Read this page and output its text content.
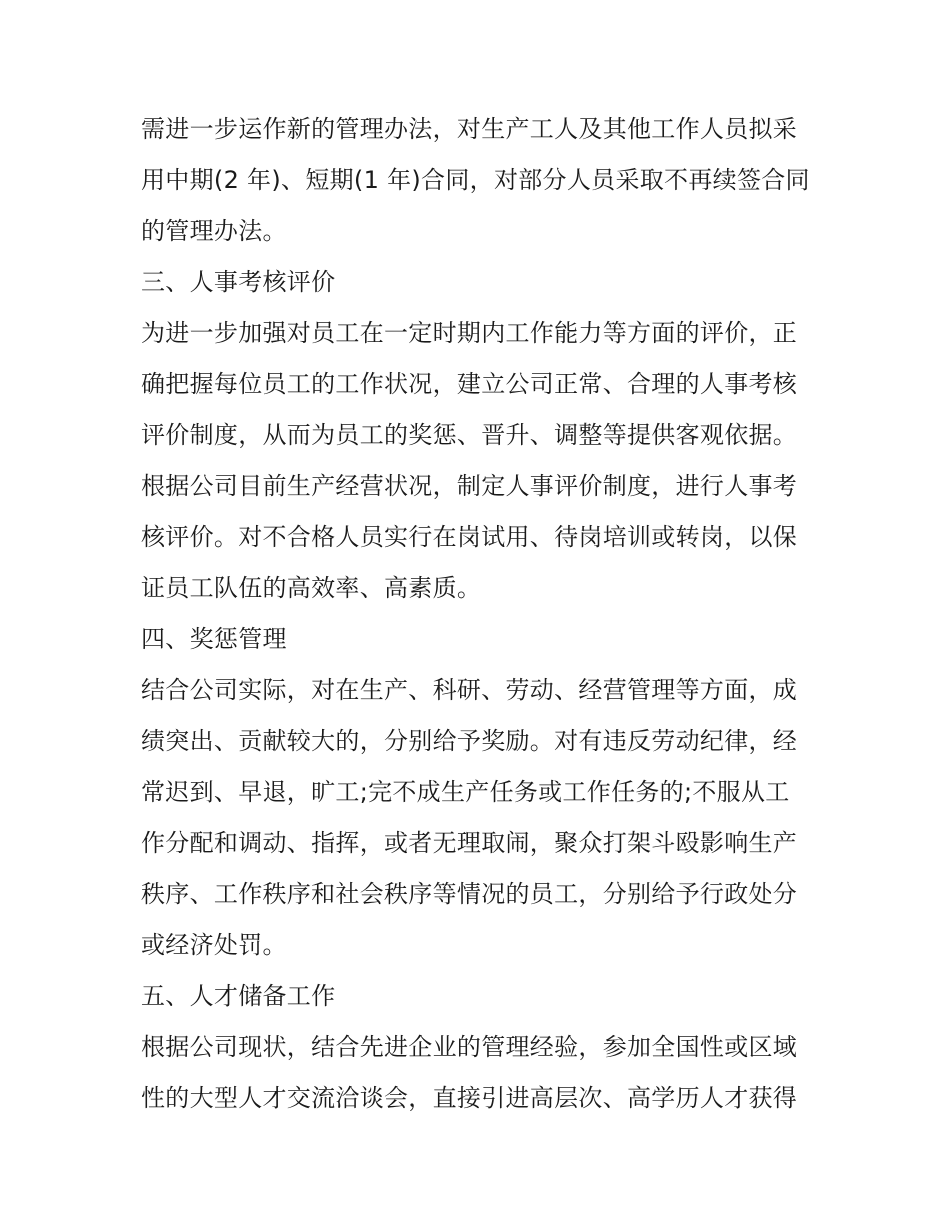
需进一步运作新的管理办法，对生产工人及其他工作人员拟采
用中期(2 年)、短期(1 年)合同，对部分人员采取不再续签合同
的管理办法。
三、人事考核评价
为进一步加强对员工在一定时期内工作能力等方面的评价，正
确把握每位员工的工作状况，建立公司正常、合理的人事考核
评价制度，从而为员工的奖惩、晋升、调整等提供客观依据。
根据公司目前生产经营状况，制定人事评价制度，进行人事考
核评价。对不合格人员实行在岗试用、待岗培训或转岗，以保
证员工队伍的高效率、高素质。
四、奖惩管理
结合公司实际，对在生产、科研、劳动、经营管理等方面，成
绩突出、贡献较大的，分别给予奖励。对有违反劳动纪律，经
常迟到、早退，旷工;完不成生产任务或工作任务的;不服从工
作分配和调动、指挥，或者无理取闹，聚众打架斗殴影响生产
秩序、工作秩序和社会秩序等情况的员工，分别给予行政处分
或经济处罚。
五、人才储备工作
根据公司现状，结合先进企业的管理经验，参加全国性或区域
性的大型人才交流洽谈会，直接引进高层次、高学历人才获得
